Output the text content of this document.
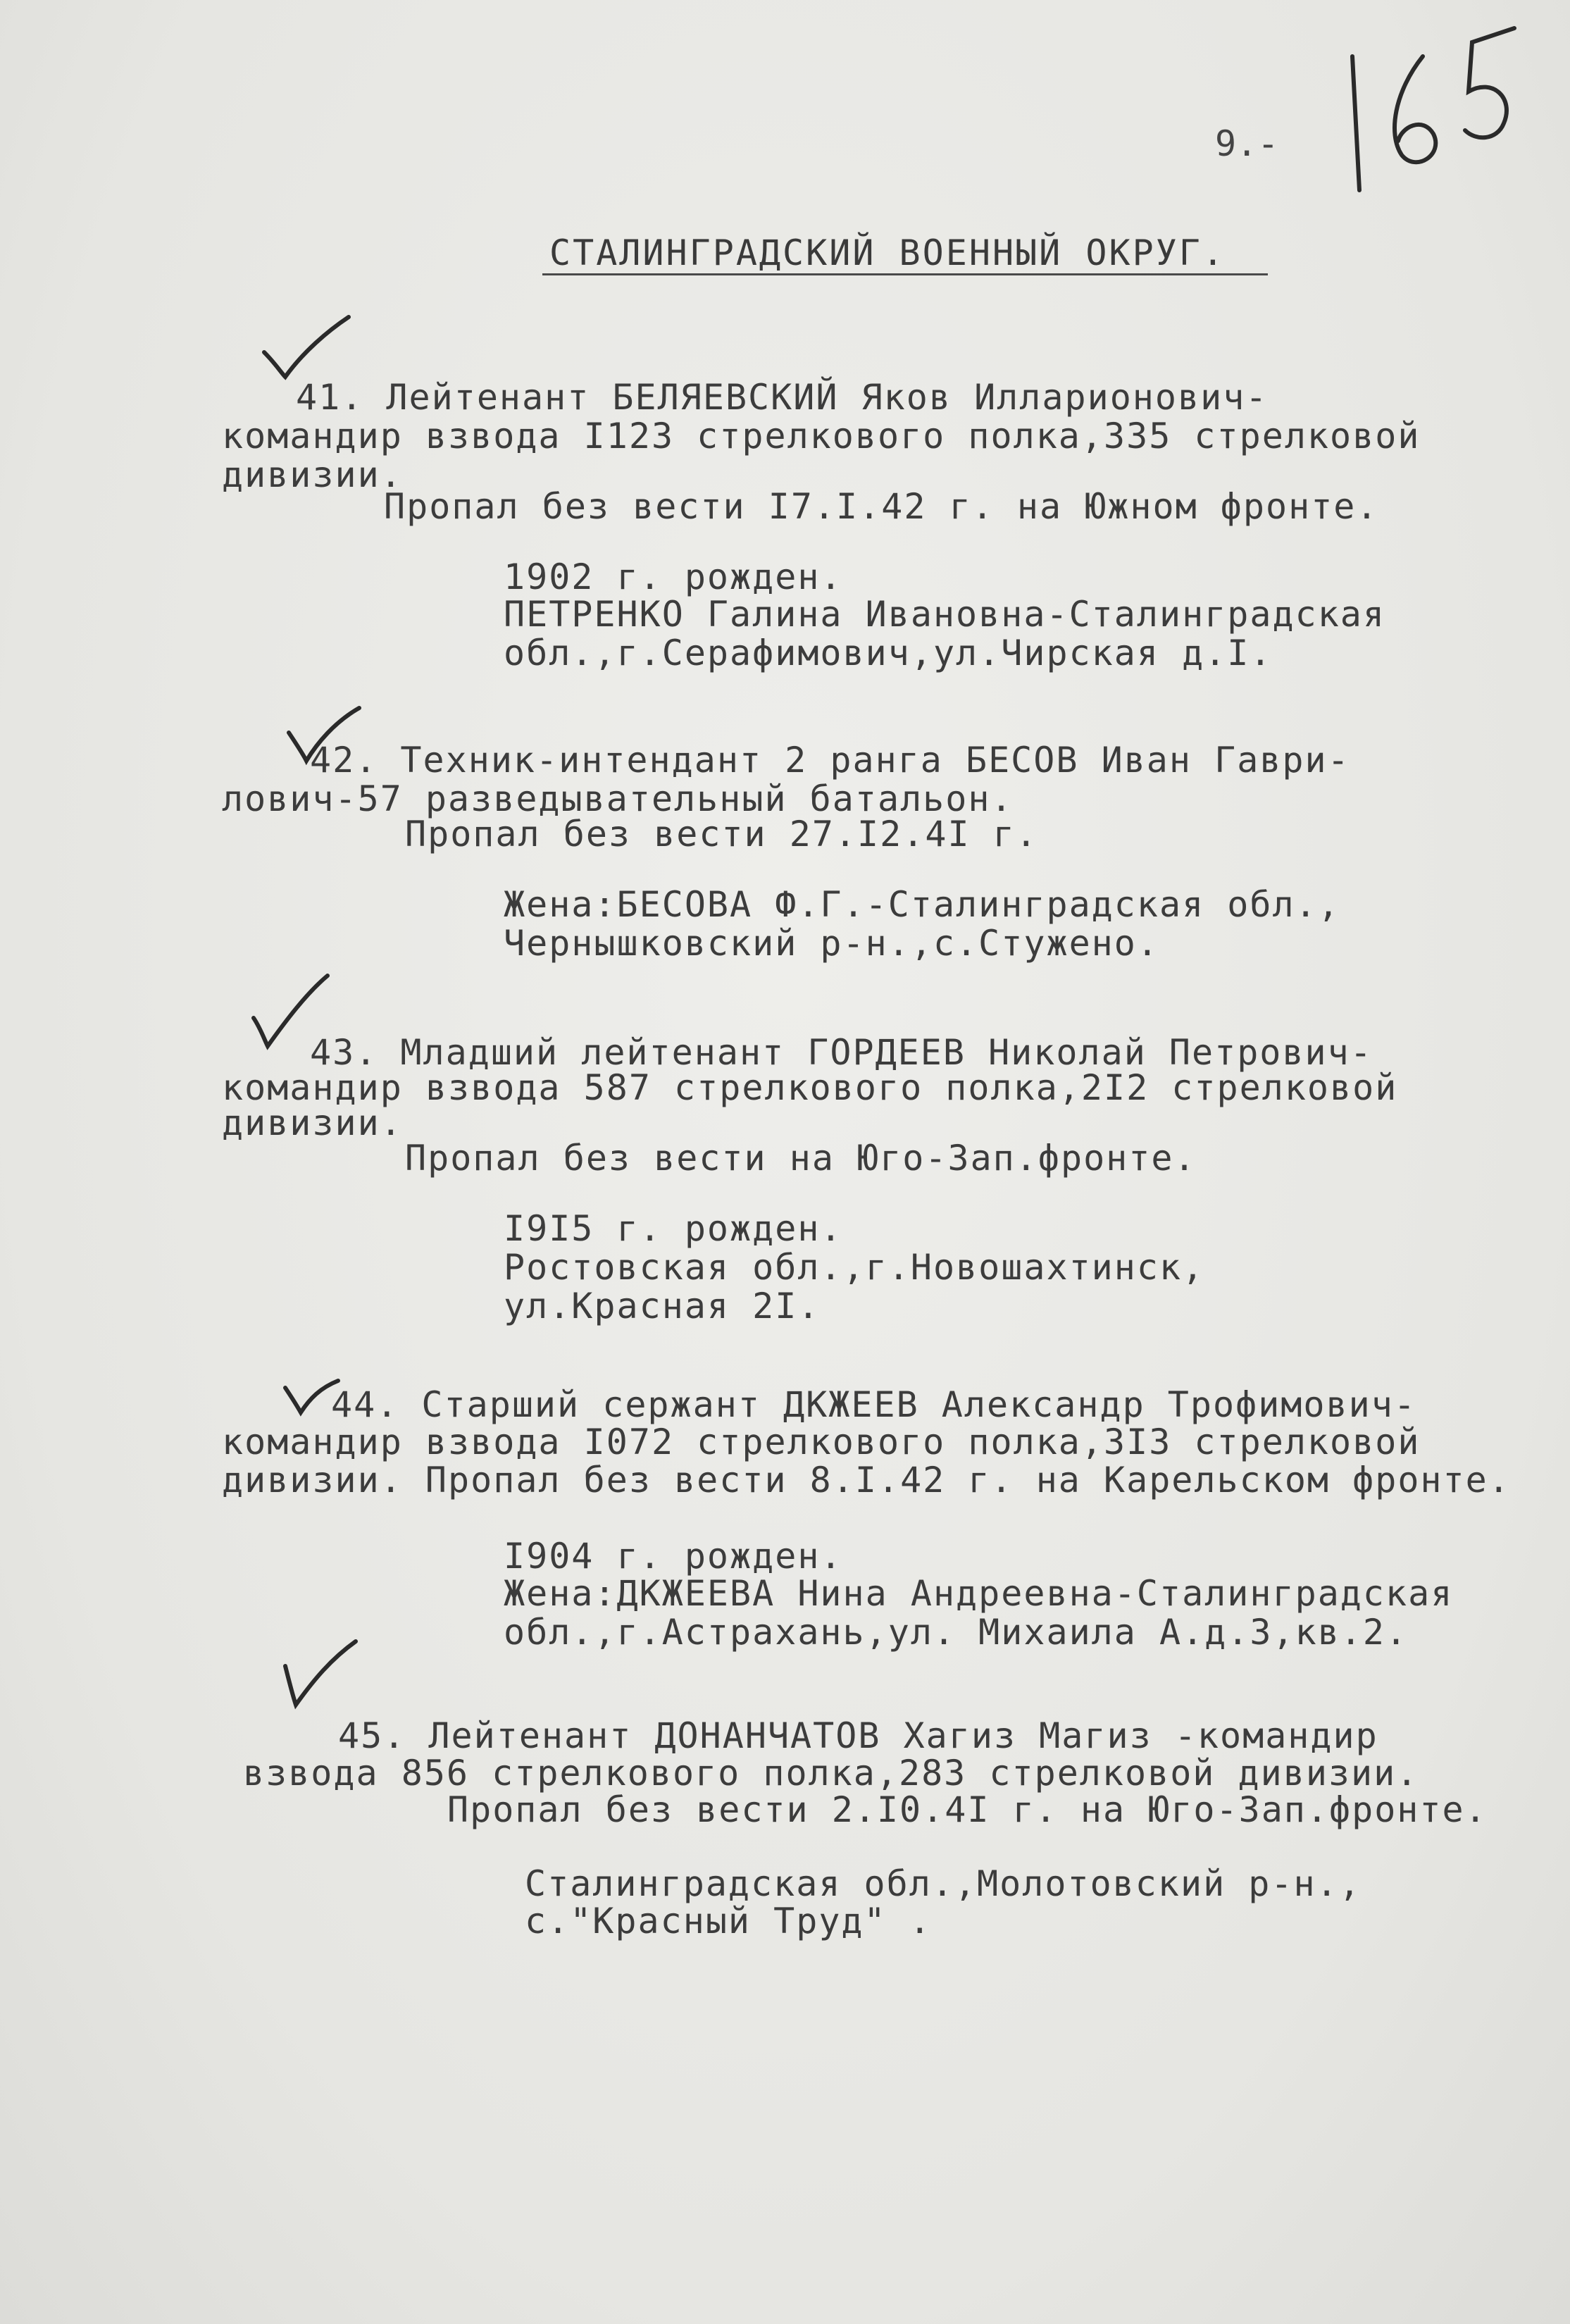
9.-
СТАЛИНГРАДСКИЙ ВОЕННЫЙ ОКРУГ.
41. Лейтенант БЕЛЯЕВСКИЙ Яков Илларионович-
командир взвода I123 стрелкового полка,335 стрелковой
дивизии.
Пропал без вести I7.I.42 г. на Южном фронте.
1902 г. рожден.
ПЕТРЕНКО Галина Ивановна-Сталинградская
обл.,г.Серафимович,ул.Чирская д.I.
42. Техник-интендант 2 ранга БЕСОВ Иван Гаври-
лович-57 разведывательный батальон.
Пропал без вести 27.I2.4I г.
Жена:БЕСОВА Ф.Г.-Сталинградская обл.,
Чернышковский р-н.,с.Стужено.
43. Младший лейтенант ГОРДЕЕВ Николай Петрович-
командир взвода 587 стрелкового полка,2I2 стрелковой
дивизии.
Пропал без вести на Юго-Зап.фронте.
I9I5 г. рожден.
Ростовская обл.,г.Новошахтинск,
ул.Красная 2I.
44. Старший сержант ДКЖЕЕВ Александр Трофимович-
командир взвода I072 стрелкового полка,3I3 стрелковой
дивизии. Пропал без вести 8.I.42 г. на Карельском фронте.
I904 г. рожден.
Жена:ДКЖЕЕВА Нина Андреевна-Сталинградская
обл.,г.Астрахань,ул. Михаила А.д.3,кв.2.
45. Лейтенант ДОНАНЧАТОВ Хагиз Магиз -командир
взвода 856 стрелкового полка,283 стрелковой дивизии.
Пропал без вести 2.I0.4I г. на Юго-Зап.фронте.
Сталинградская обл.,Молотовский р-н.,
с."Красный Труд" .
